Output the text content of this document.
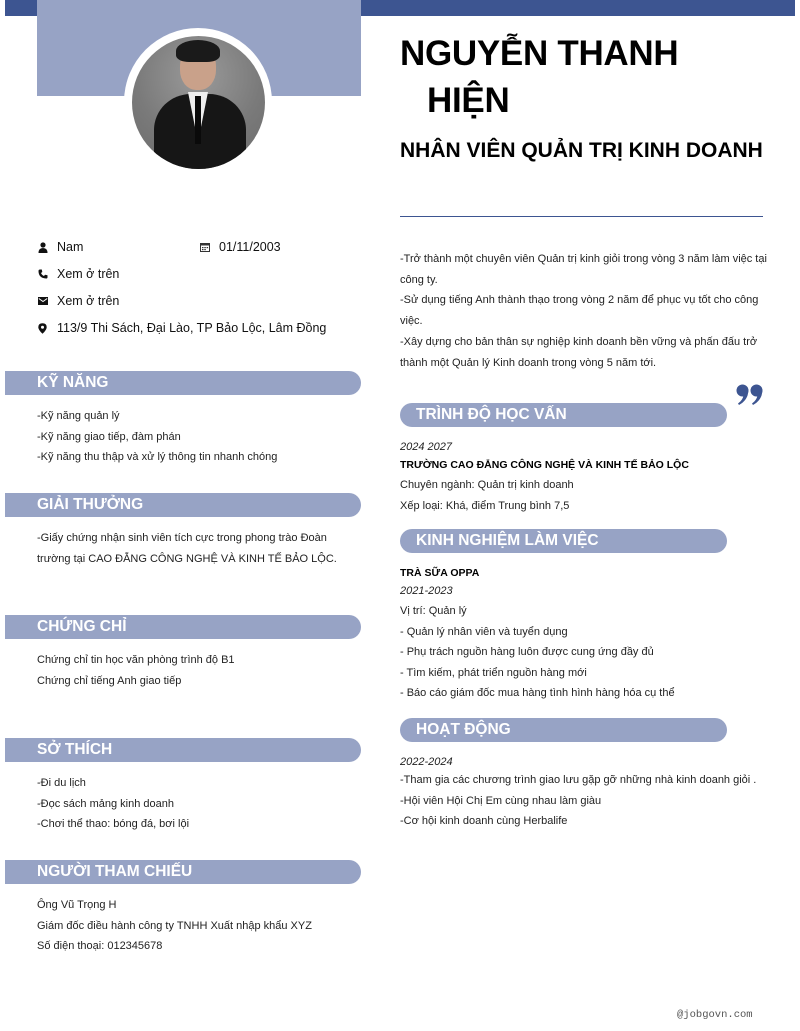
NGUYỄN THANH
HIỆN
NHÂN VIÊN QUẢN TRỊ KINH DOANH
Nam	01/11/2003
Xem ở trên
Xem ở trên
113/9 Thi Sách, Đại Lào, TP Bảo Lộc, Lâm Đồng
-Trở thành một chuyên viên Quản trị kinh giỏi trong vòng 3 năm làm việc tại công ty.
-Sử dụng tiếng Anh thành thạo trong vòng 2 năm để phục vụ tốt cho công việc.
-Xây dựng cho bản thân sự nghiệp kinh doanh bền vững và phấn đấu trở thành một Quản lý Kinh doanh trong vòng 5 năm tới.
KỸ NĂNG
-Kỹ năng quản lý
-Kỹ năng giao tiếp, đàm phán
-Kỹ năng thu thập và xử lý thông tin nhanh chóng
GIẢI THƯỞNG
-Giấy chứng nhận sinh viên tích cực trong phong trào Đoàn trường tại CAO ĐẲNG CÔNG NGHỆ VÀ KINH TẾ BẢO LỘC.
CHỨNG CHỈ
Chứng chỉ tin học văn phòng trình độ B1
Chứng chỉ tiếng Anh giao tiếp
SỞ THÍCH
-Đi du lịch
-Đọc sách mảng kinh doanh
-Chơi thể thao: bóng đá, bơi lội
NGƯỜI THAM CHIẾU
Ông Vũ Trọng H
Giám đốc điều hành công ty TNHH Xuất nhập khẩu XYZ
Số điện thoại: 012345678
TRÌNH ĐỘ HỌC VẤN
2024 2027
TRƯỜNG CAO ĐẲNG CÔNG NGHỆ VÀ KINH TẾ BẢO LỘC
Chuyên ngành: Quản trị kinh doanh
Xếp loại: Khá, điểm Trung bình 7,5
KINH NGHIỆM LÀM VIỆC
TRÀ SỮA OPPA
2021-2023
Vị trí: Quản lý
- Quản lý nhân viên và tuyển dụng
- Phụ trách nguồn hàng luôn được cung ứng đầy đủ
- Tìm kiếm, phát triển nguồn hàng mới
- Báo cáo giám đốc mua hàng tình hình hàng hóa cụ thể
HOẠT ĐỘNG
2022-2024
-Tham gia các chương trình giao lưu gặp gỡ những nhà kinh doanh giỏi .
-Hội viên Hội Chị Em cùng nhau làm giàu
-Cơ hội kinh doanh cùng Herbalife
@jobgovn.com
